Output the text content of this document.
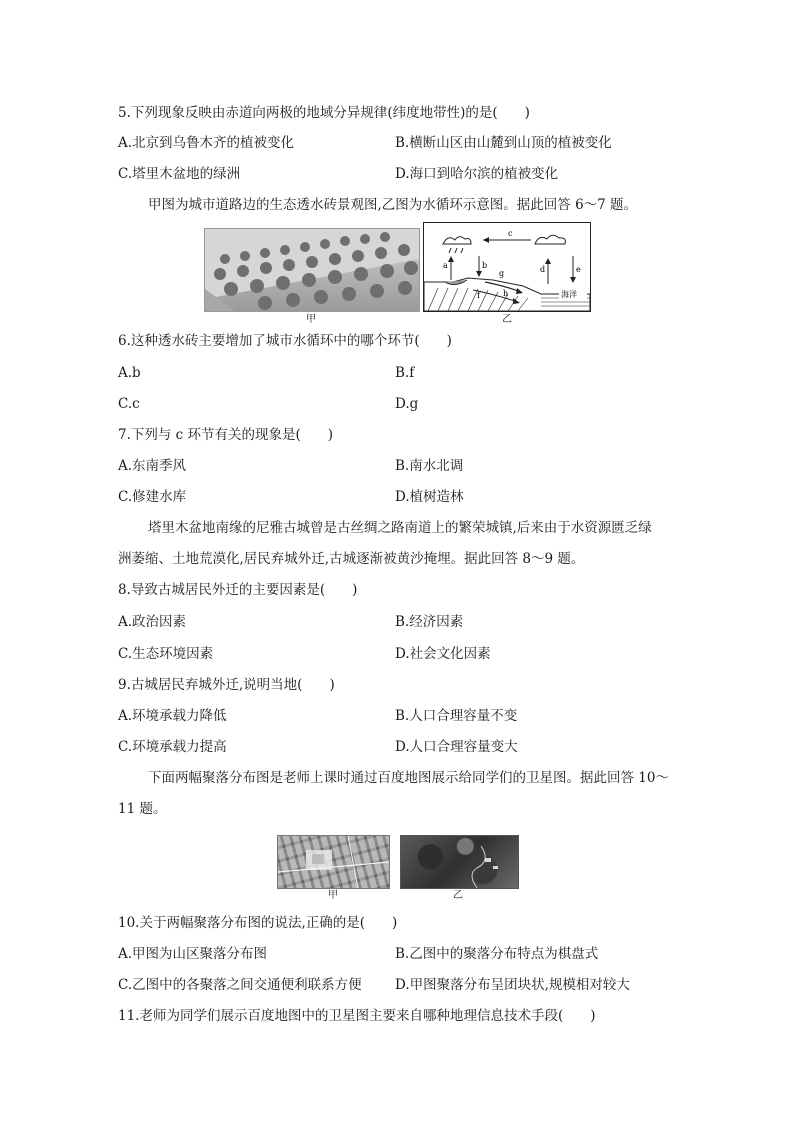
5.下列现象反映由赤道向两极的地域分异规律(纬度地带性)的是(　　)
A.北京到乌鲁木齐的植被变化	B.横断山区由山麓到山顶的植被变化
C.塔里木盆地的绿洲	D.海口到哈尔滨的植被变化
甲图为城市道路边的生态透水砖景观图,乙图为水循环示意图。据此回答 6～7 题。
甲
a	b
c
d	e
f
g
h	海洋
乙
6.这种透水砖主要增加了城市水循环中的哪个环节(　　)
A.b	B.f
C.c	D.g
7.下列与 c 环节有关的现象是(　　)
A.东南季风	B.南水北调
C.修建水库	D.植树造林
塔里木盆地南缘的尼雅古城曾是古丝绸之路南道上的繁荣城镇,后来由于水资源匮乏绿
洲萎缩、土地荒漠化,居民弃城外迁,古城逐渐被黄沙掩埋。据此回答 8～9 题。
8.导致古城居民外迁的主要因素是(　　)
A.政治因素	B.经济因素
C.生态环境因素	D.社会文化因素
9.古城居民弃城外迁,说明当地(　　)
A.环境承载力降低	B.人口合理容量不变
C.环境承载力提高	D.人口合理容量变大
下面两幅聚落分布图是老师上课时通过百度地图展示给同学们的卫星图。据此回答 10～
11 题。
甲	乙
10.关于两幅聚落分布图的说法,正确的是(　　)
A.甲图为山区聚落分布图	B.乙图中的聚落分布特点为棋盘式
C.乙图中的各聚落之间交通便利联系方便 D.甲图聚落分布呈团块状,规模相对较大
11.老师为同学们展示百度地图中的卫星图主要来自哪种地理信息技术手段(　　)
